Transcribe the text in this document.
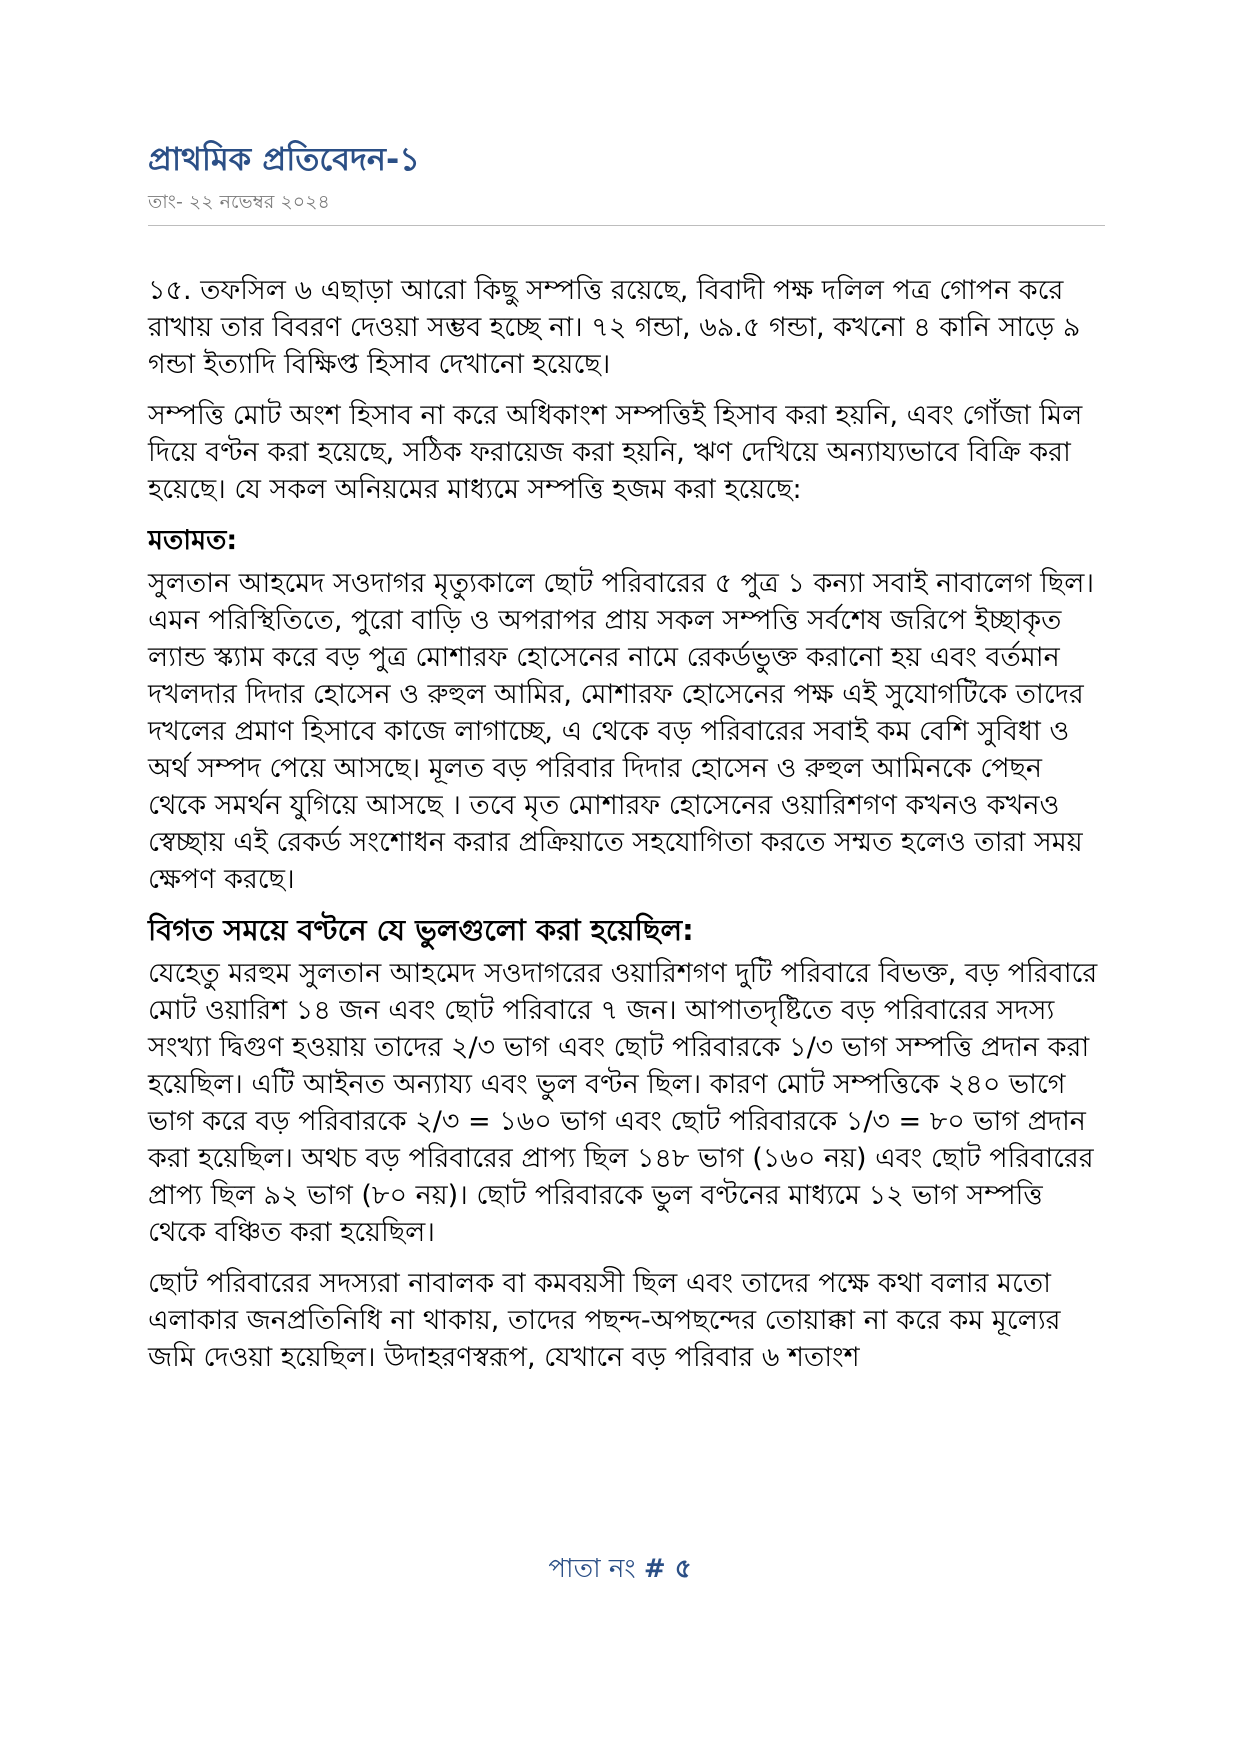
প্রাথমিক প্রতিবেদন-১
তাং- ২২ নভেম্বর ২০২৪

১৫. তফসিল ৬ এছাড়া আরো কিছু সম্পত্তি রয়েছে, বিবাদী পক্ষ দলিল পত্র গোপন করে রাখায় তার বিবরণ দেওয়া সম্ভব হচ্ছে না। ৭২ গন্ডা, ৬৯.৫ গন্ডা, কখনো ৪ কানি সাড়ে ৯ গন্ডা ইত্যাদি বিক্ষিপ্ত হিসাব দেখানো হয়েছে।

সম্পত্তি মোট অংশ হিসাব না করে অধিকাংশ সম্পত্তিই হিসাব করা হয়নি, এবং গোঁজা মিল দিয়ে বণ্টন করা হয়েছে, সঠিক ফরায়েজ করা হয়নি, ঋণ দেখিয়ে অন্যায্যভাবে বিক্রি করা হয়েছে। যে সকল অনিয়মের মাধ্যমে সম্পত্তি হজম করা হয়েছে:

মতামত:

সুলতান আহমেদ সওদাগর মৃত্যুকালে ছোট পরিবারের ৫ পুত্র ১ কন্যা সবাই নাবালেগ ছিল। এমন পরিস্থিতিতে, পুরো বাড়ি ও অপরাপর প্রায় সকল সম্পত্তি সর্বশেষ জরিপে ইচ্ছাকৃত ল্যান্ড স্ক্যাম করে বড় পুত্র মোশারফ হোসেনের নামে রেকর্ডভুক্ত করানো হয় এবং বর্তমান দখলদার দিদার হোসেন ও রুহুল আমির, মোশারফ হোসেনের পক্ষ এই সুযোগটিকে তাদের দখলের প্রমাণ হিসাবে কাজে লাগাচ্ছে, এ থেকে বড় পরিবারের সবাই কম বেশি সুবিধা ও অর্থ সম্পদ পেয়ে আসছে। মূলত বড় পরিবার দিদার হোসেন ও রুহুল আমিনকে পেছন থেকে সমর্থন যুগিয়ে আসছে । তবে মৃত মোশারফ হোসেনের ওয়ারিশগণ কখনও কখনও স্বেচ্ছায় এই রেকর্ড সংশোধন করার প্রক্রিয়াতে সহযোগিতা করতে সম্মত হলেও তারা সময় ক্ষেপণ করছে।

বিগত সময়ে বণ্টনে যে ভুলগুলো করা হয়েছিল:

যেহেতু মরহুম সুলতান আহমেদ সওদাগরের ওয়ারিশগণ দুটি পরিবারে বিভক্ত, বড় পরিবারে মোট ওয়ারিশ ১৪ জন এবং ছোট পরিবারে ৭ জন। আপাতদৃষ্টিতে বড় পরিবারের সদস্য সংখ্যা দ্বিগুণ হওয়ায় তাদের ২/৩ ভাগ এবং ছোট পরিবারকে ১/৩ ভাগ সম্পত্তি প্রদান করা হয়েছিল। এটি আইনত অন্যায্য এবং ভুল বণ্টন ছিল। কারণ মোট সম্পত্তিকে ২৪০ ভাগে ভাগ করে বড় পরিবারকে ২/৩ = ১৬০ ভাগ এবং ছোট পরিবারকে ১/৩ = ৮০ ভাগ প্রদান করা হয়েছিল। অথচ বড় পরিবারের প্রাপ্য ছিল ১৪৮ ভাগ (১৬০ নয়) এবং ছোট পরিবারের প্রাপ্য ছিল ৯২ ভাগ (৮০ নয়)। ছোট পরিবারকে ভুল বণ্টনের মাধ্যমে ১২ ভাগ সম্পত্তি থেকে বঞ্চিত করা হয়েছিল।

ছোট পরিবারের সদস্যরা নাবালক বা কমবয়সী ছিল এবং তাদের পক্ষে কথা বলার মতো এলাকার জনপ্রতিনিধি না থাকায়, তাদের পছন্দ-অপছন্দের তোয়াক্কা না করে কম মূল্যের জমি দেওয়া হয়েছিল। উদাহরণস্বরূপ, যেখানে বড় পরিবার ৬ শতাংশ

পাতা নং # ৫
